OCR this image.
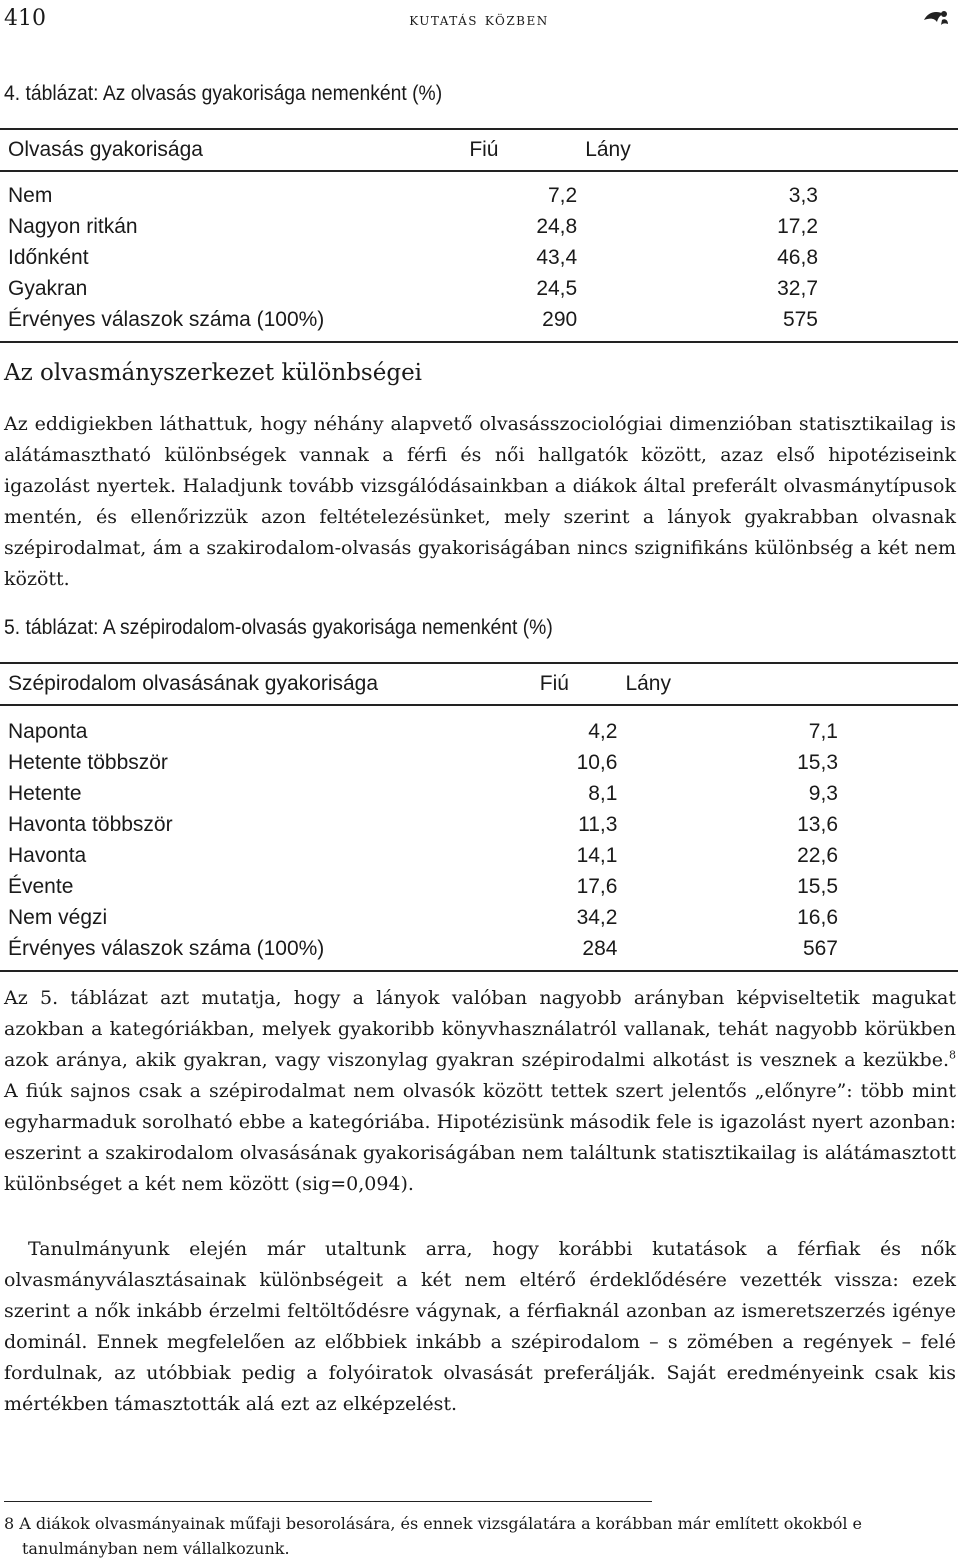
410	kutatás közben
4. táblázat: Az olvasás gyakorisága nemenként (%)
Olvasás gyakorisága	Fiú	Lány
Nem	7,2	3,3
Nagyon ritkán	24,8	17,2
Időnként	43,4	46,8
Gyakran	24,5	32,7
Érvényes válaszok száma (100%)	290	575
Az olvasmányszerkezet különbségei

Az eddigiekben láthattuk, hogy néhány alapvető olvasásszociológiai dimenzióban statisztikailag is alátámasztható különbségek vannak a férfi és női hallgatók között, azaz első hipotéziseink igazolást nyertek. Haladjunk tovább vizsgálódásainkban a diákok által preferált olvasmánytípusok mentén, és ellenőrizzük azon feltételezésünket, mely szerint a lányok gyakrabban olvasnak szépirodalmat, ám a szakirodalom-olvasás gyakoriságában nincs szignifikáns különbség a két nem között.

5. táblázat: A szépirodalom-olvasás gyakorisága nemenként (%)
Szépirodalom olvasásának gyakorisága	Fiú	Lány
Naponta	4,2	7,1
Hetente többször	10,6	15,3
Hetente	8,1	9,3
Havonta többször	11,3	13,6
Havonta	14,1	22,6
Évente	17,6	15,5
Nem végzi	34,2	16,6
Érvényes válaszok száma (100%)	284	567

Az 5. táblázat azt mutatja, hogy a lányok valóban nagyobb arányban képviseltetik magukat azokban a kategóriákban, melyek gyakoribb könyvhasználatról vallanak, tehát nagyobb körükben azok aránya, akik gyakran, vagy viszonylag gyakran szépirodalmi alkotást is vesznek a kezükbe.$^8$ A fiúk sajnos csak a szépirodalmat nem olvasók között tettek szert jelentős „előnyre”: több mint egyharmaduk sorolható ebbe a kategóriába. Hipotézisünk második fele is igazolást nyert azonban: eszerint a szakirodalom olvasásának gyakoriságában nem találtunk statisztikailag is alátámasztott különbséget a két nem között (sig=0,094).

Tanulmányunk elején már utaltunk arra, hogy korábbi kutatások a férfiak és nők olvasmányválasztásainak különbségeit a két nem eltérő érdeklődésére vezették vissza: ezek szerint a nők inkább érzelmi feltöltődésre vágynak, a férfiaknál azonban az ismeretszerzés igénye dominál. Ennek megfelelően az előbbiek inkább a szépirodalom – s zömében a regények – felé fordulnak, az utóbbiak pedig a folyóiratok olvasását preferálják. Saját eredményeink csak kis mértékben támasztották alá ezt az elképzelést.

8 A diákok olvasmányainak műfaji besorolására, és ennek vizsgálatára a korábban már említett okokból e
tanulmányban nem vállalkozunk.
